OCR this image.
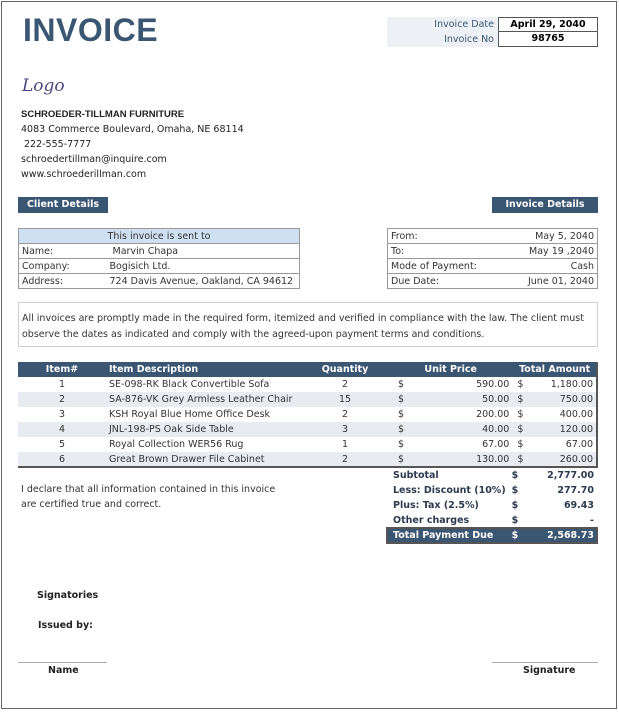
INVOICE	Invoice Date	April 29, 2040
Invoice No	98765
Logo
SCHROEDER-TILLMAN FURNITURE
4083 Commerce Boulevard, Omaha, NE 68114
222-555-7777
schroedertillman@inquire.com
www.schroederillman.com
Client Details	Invoice Details
This invoice is sent to	
Name:	Marvin Chapa
Company:	Bogisich Ltd.
Address:	724 Davis Avenue, Oakland, CA 94612
From:	May 5, 2040
To:	May 19 ,2040
Mode of Payment:	Cash
Due Date:	June 01, 2040
All invoices are promptly made in the required form, itemized and verified in compliance with the law. The client must observe the dates as indicated and comply with the agreed-upon payment terms and conditions.
Item#	Item Description	Quantity	Unit Price		Total Amount	
1	SE-098-RK Black Convertible Sofa	2	$	590.00	$	1,180.00
2	SA-876-VK Grey Armless Leather Chair	15	$	50.00	$	750.00
3	KSH Royal Blue Home Office Desk	2	$	200.00	$	400.00
4	JNL-198-PS Oak Side Table	3	$	40.00	$	120.00
5	Royal Collection WER56 Rug	1	$	67.00	$	67.00
6	Great Brown Drawer File Cabinet	2	$	130.00	$	260.00
Subtotal	$	2,777.00
Less: Discount (10%)	$	277.70
Plus: Tax (2.5%)	$	69.43
Other charges	$	-
Total Payment Due	$	2,568.73
I declare that all information contained in this invoice
are certified true and correct.
Signatories
Issued by:
Name	Signature
